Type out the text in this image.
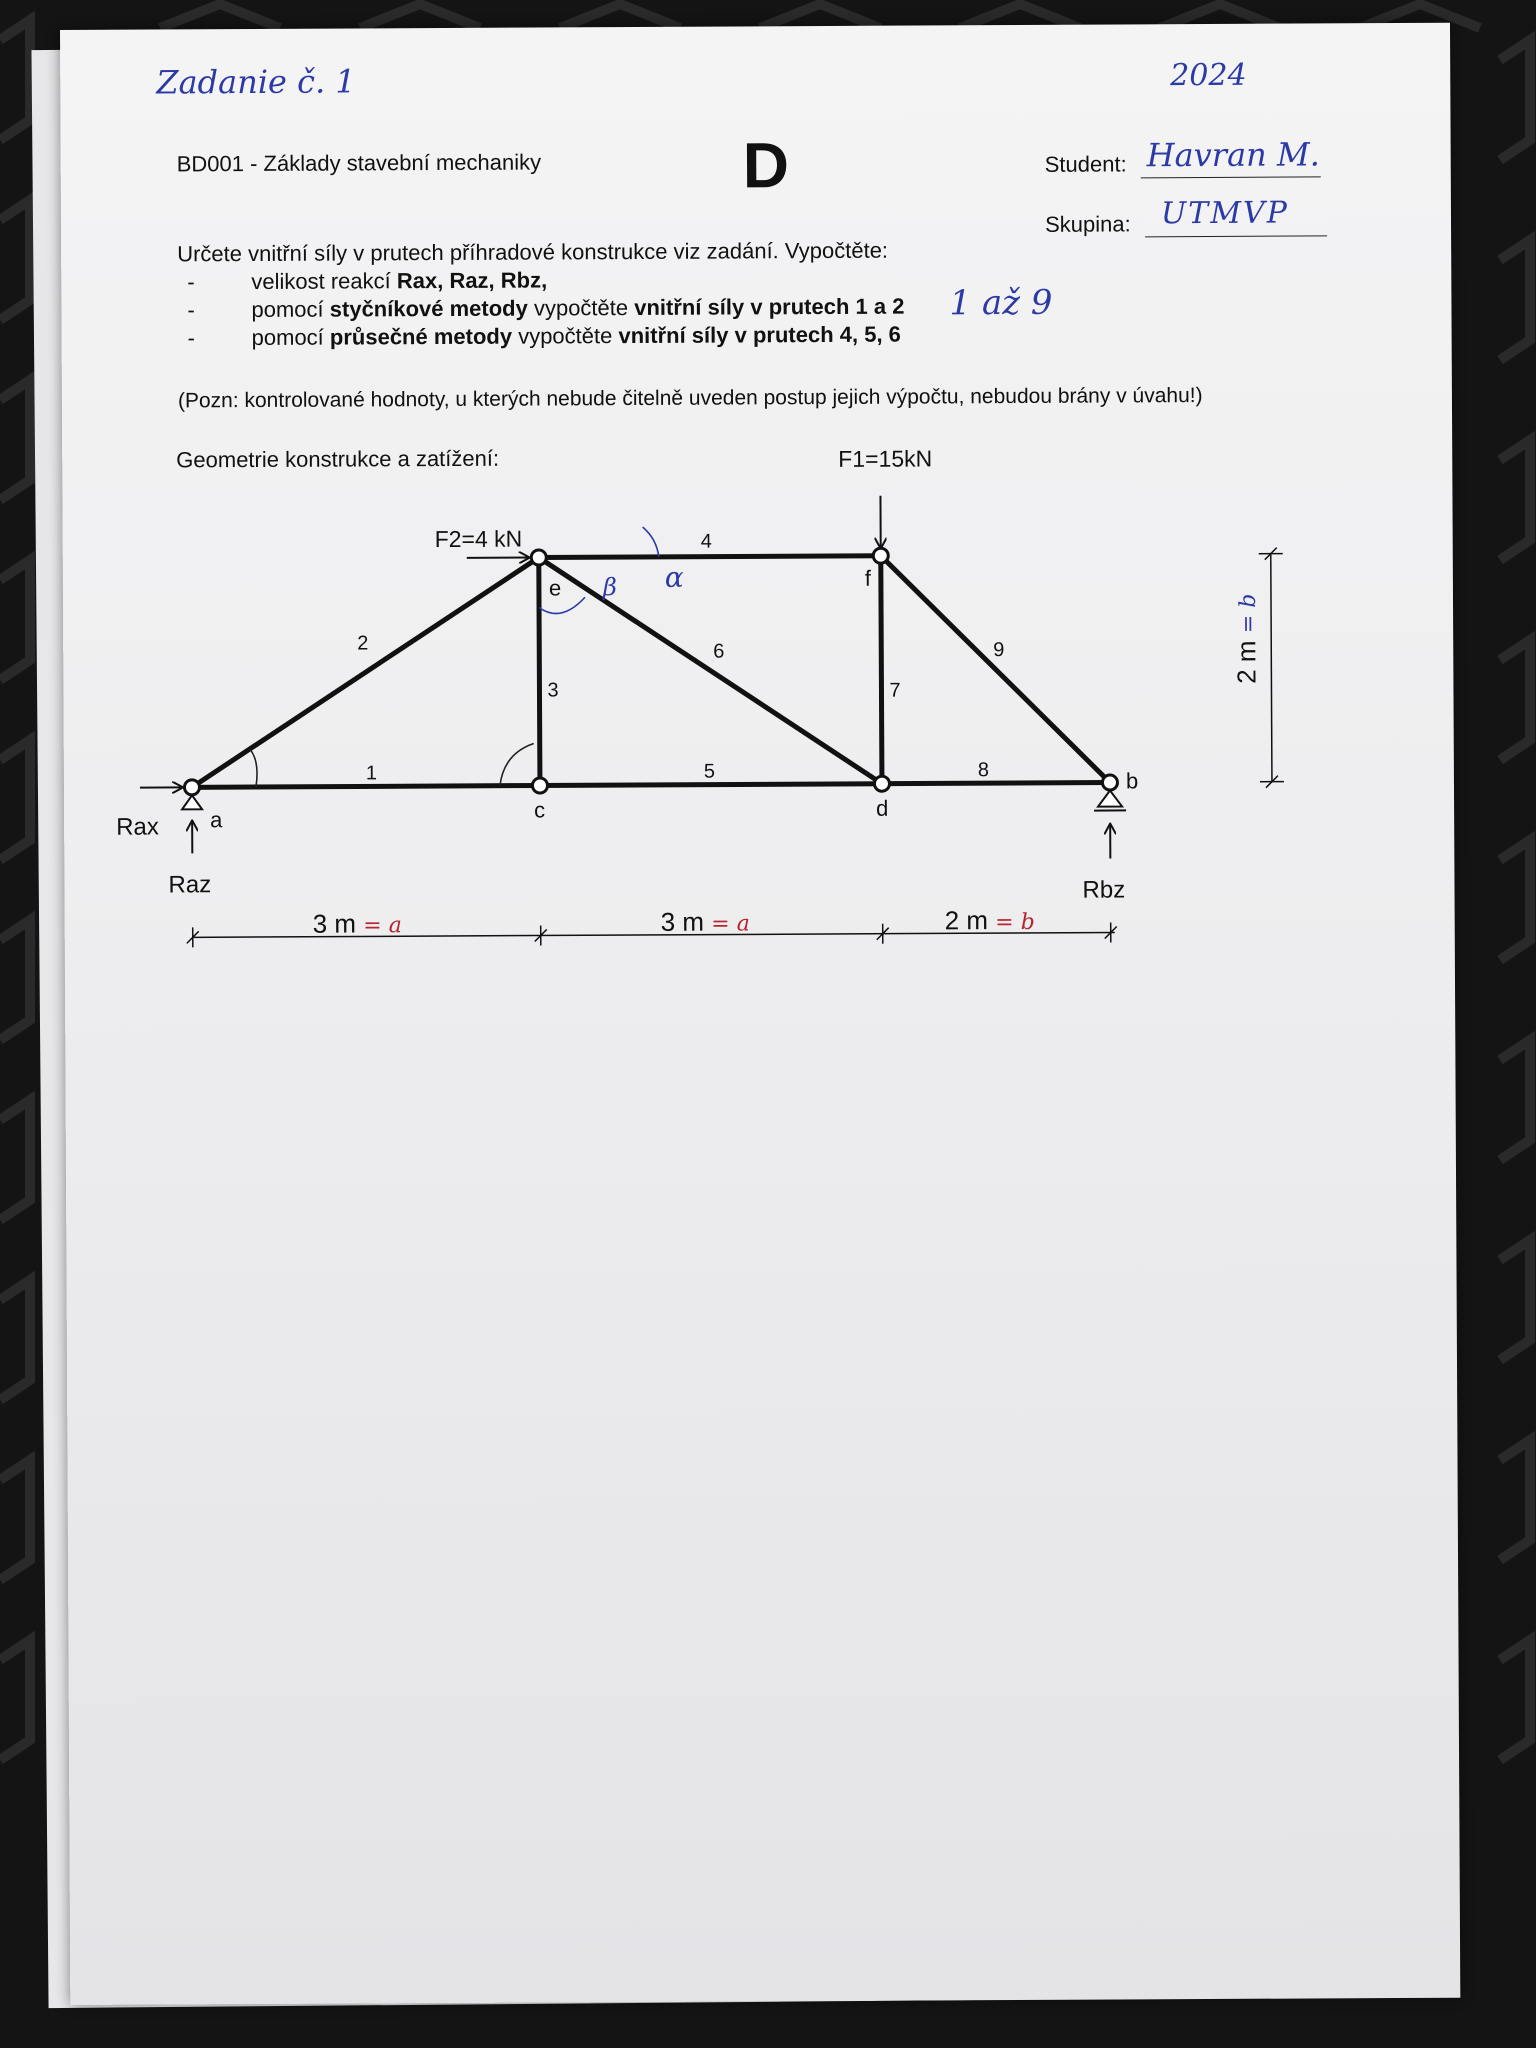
Zadanie č. 1	2024

BD001 - Základy stavební mechaniky	D	Student: Havran M.

Skupina: UTMVP

Určete vnitřní síly v prutech příhradové konstrukce viz zadání. Vypočtěte:

-	velikost reakcí Rax, Raz, Rbz,
-	pomocí styčníkové metody vypočtěte vnitřní síly v prutech 1 a 2 1 až 9

-	pomocí průsečné metody vypočtěte vnitřní síly v prutech 4, 5, 6

(Pozn: kontrolované hodnoty, u kterých nebude čitelně uveden postup jejich výpočtu, nebudou brány v úvahu!)

Geometrie konstrukce a zatížení:	F1=15kN

F2=4 kN

a	c	d

e	f

b

1

2

3

4

5

6

7

8

9

β α

Rax

Raz	Rbz

3 m = a	3 m = a	2 m = b
2 m = b
